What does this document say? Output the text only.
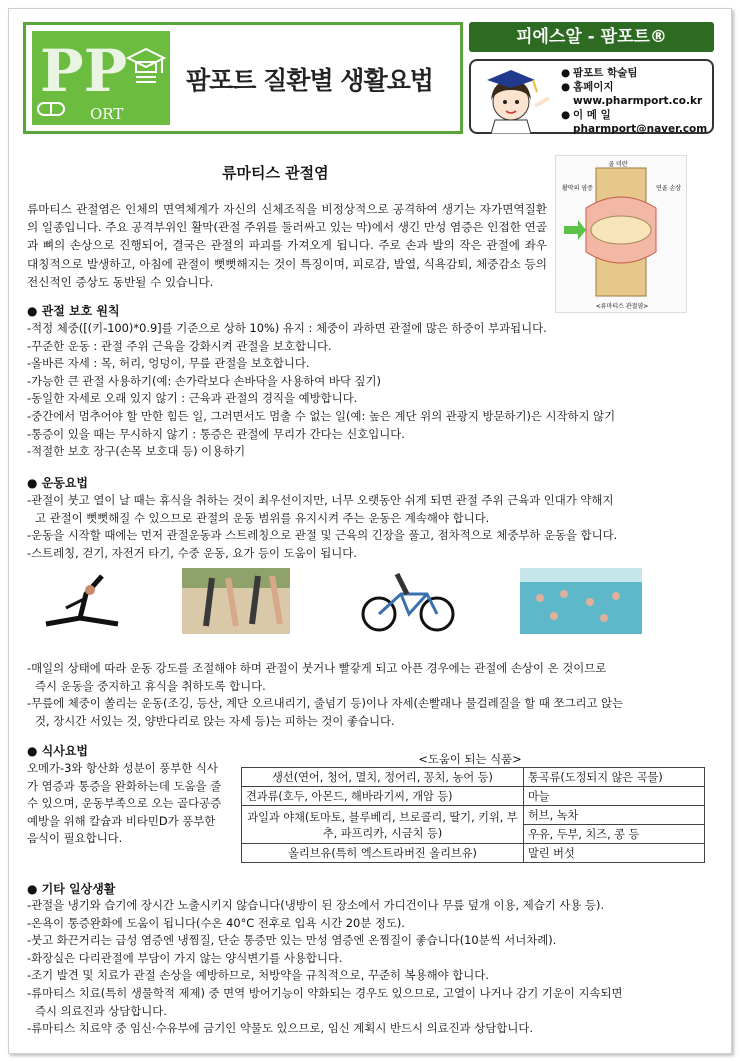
PP
ORT
팜포트 질환별 생활요법
피에스알 - 팜포트®
● 팜포트 학술팀
● 홈페이지
www.pharmport.co.kr
● 이 메 일
pharmport@naver.com
류마티스 관절염
류마티스 관절염은 인체의 면역체계가 자신의 신체조직을 비정상적으로 공격하여 생기는 자가면역질환의 일종입니다. 주요 공격부위인 활막(관절 주위를 둘러싸고 있는 막)에서 생긴 만성 염증은 인접한 연골과 뼈의 손상으로 진행되어, 결국은 관절의 파괴를 가져오게 됩니다. 주로 손과 발의 작은 관절에 좌우 대칭적으로 발생하고, 아침에 관절이 뻣뻣해지는 것이 특징이며, 피로감, 발열, 식욕감퇴, 체중감소 등의 전신적인 증상도 동반될 수 있습니다.
골 미란
활막의 염증	연골 손상
<류마티스 관절염>
● 관절 보호 원칙
-적정 체중([(키-100)*0.9]를 기준으로 상하 10%) 유지 : 체중이 과하면 관절에 많은 하중이 부과됩니다.
-꾸준한 운동 : 관절 주위 근육을 강화시켜 관절을 보호합니다.
-올바른 자세 : 목, 허리, 엉덩이, 무릎 관절을 보호합니다.
-가능한 큰 관절 사용하기(예: 손가락보다 손바닥을 사용하여 바닥 짚기)
-동일한 자세로 오래 있지 않기 : 근육과 관절의 경직을 예방합니다.
-중간에서 멈추어야 할 만한 힘든 일, 그러면서도 멈출 수 없는 일(예: 높은 계단 위의 관광지 방문하기)은 시작하지 않기
-통증이 있을 때는 무시하지 않기 : 통증은 관절에 무리가 간다는 신호입니다.
-적절한 보호 장구(손목 보호대 등) 이용하기
● 운동요법
-관절이 붓고 열이 날 때는 휴식을 취하는 것이 최우선이지만, 너무 오랫동안 쉬게 되면 관절 주위 근육과 인대가 약해지
고 관절이 뻣뻣해질 수 있으므로 관절의 운동 범위를 유지시켜 주는 운동은 계속해야 합니다.
-운동을 시작할 때에는 먼저 관절운동과 스트레칭으로 관절 및 근육의 긴장을 풀고, 점차적으로 체중부하 운동을 합니다.
-스트레칭, 걷기, 자전거 타기, 수중 운동, 요가 등이 도움이 됩니다.
-매일의 상태에 따라 운동 강도를 조절해야 하며 관절이 붓거나 빨갛게 되고 아픈 경우에는 관절에 손상이 온 것이므로
즉시 운동을 중지하고 휴식을 취하도록 합니다.
-무릎에 체중이 쏠리는 운동(조깅, 등산, 계단 오르내리기, 줄넘기 등)이나 자세(손빨래나 물걸레질을 할 때 쪼그리고 앉는
것, 장시간 서있는 것, 양반다리로 앉는 자세 등)는 피하는 것이 좋습니다.
● 식사요법
오메가-3와 항산화 성분이 풍부한 식사가 염증과 통증을 완화하는데 도움을 줄 수 있으며, 운동부족으로 오는 골다공증 예방을 위해 칼슘과 비타민D가 풍부한 음식이 필요합니다.
<도움이 되는 식품>
생선(연어, 청어, 멸치, 정어리, 꽁치, 농어 등)	통곡류(도정되지 않은 곡물)
견과류(호두, 아몬드, 해바라기씨, 개암 등)	마늘
과일과 야채(토마토, 블루베리, 브로콜리, 딸기, 키위, 부추, 파프리카, 시금치 등)	허브, 녹차
	우유, 두부, 치즈, 콩 등
올리브유(특히 엑스트라버진 올리브유)	말린 버섯
● 기타 일상생활
-관절을 냉기와 습기에 장시간 노출시키지 않습니다(냉방이 된 장소에서 가디건이나 무릎 덮개 이용, 제습기 사용 등).
-온욕이 통증완화에 도움이 됩니다(수온 40°C 전후로 입욕 시간 20분 정도).
-붓고 화끈거리는 급성 염증엔 냉찜질, 단순 통증만 있는 만성 염증엔 온찜질이 좋습니다(10분씩 서너차례).
-화장실은 다리관절에 부담이 가지 않는 양식변기를 사용합니다.
-조기 발견 및 치료가 관절 손상을 예방하므로, 처방약을 규칙적으로, 꾸준히 복용해야 합니다.
-류마티스 치료(특히 생물학적 제제) 중 면역 방어기능이 약화되는 경우도 있으므로, 고열이 나거나 감기 기운이 지속되면
즉시 의료진과 상담합니다.
-류마티스 치료약 중 임신·수유부에 금기인 약물도 있으므로, 임신 계획시 반드시 의료진과 상담합니다.
